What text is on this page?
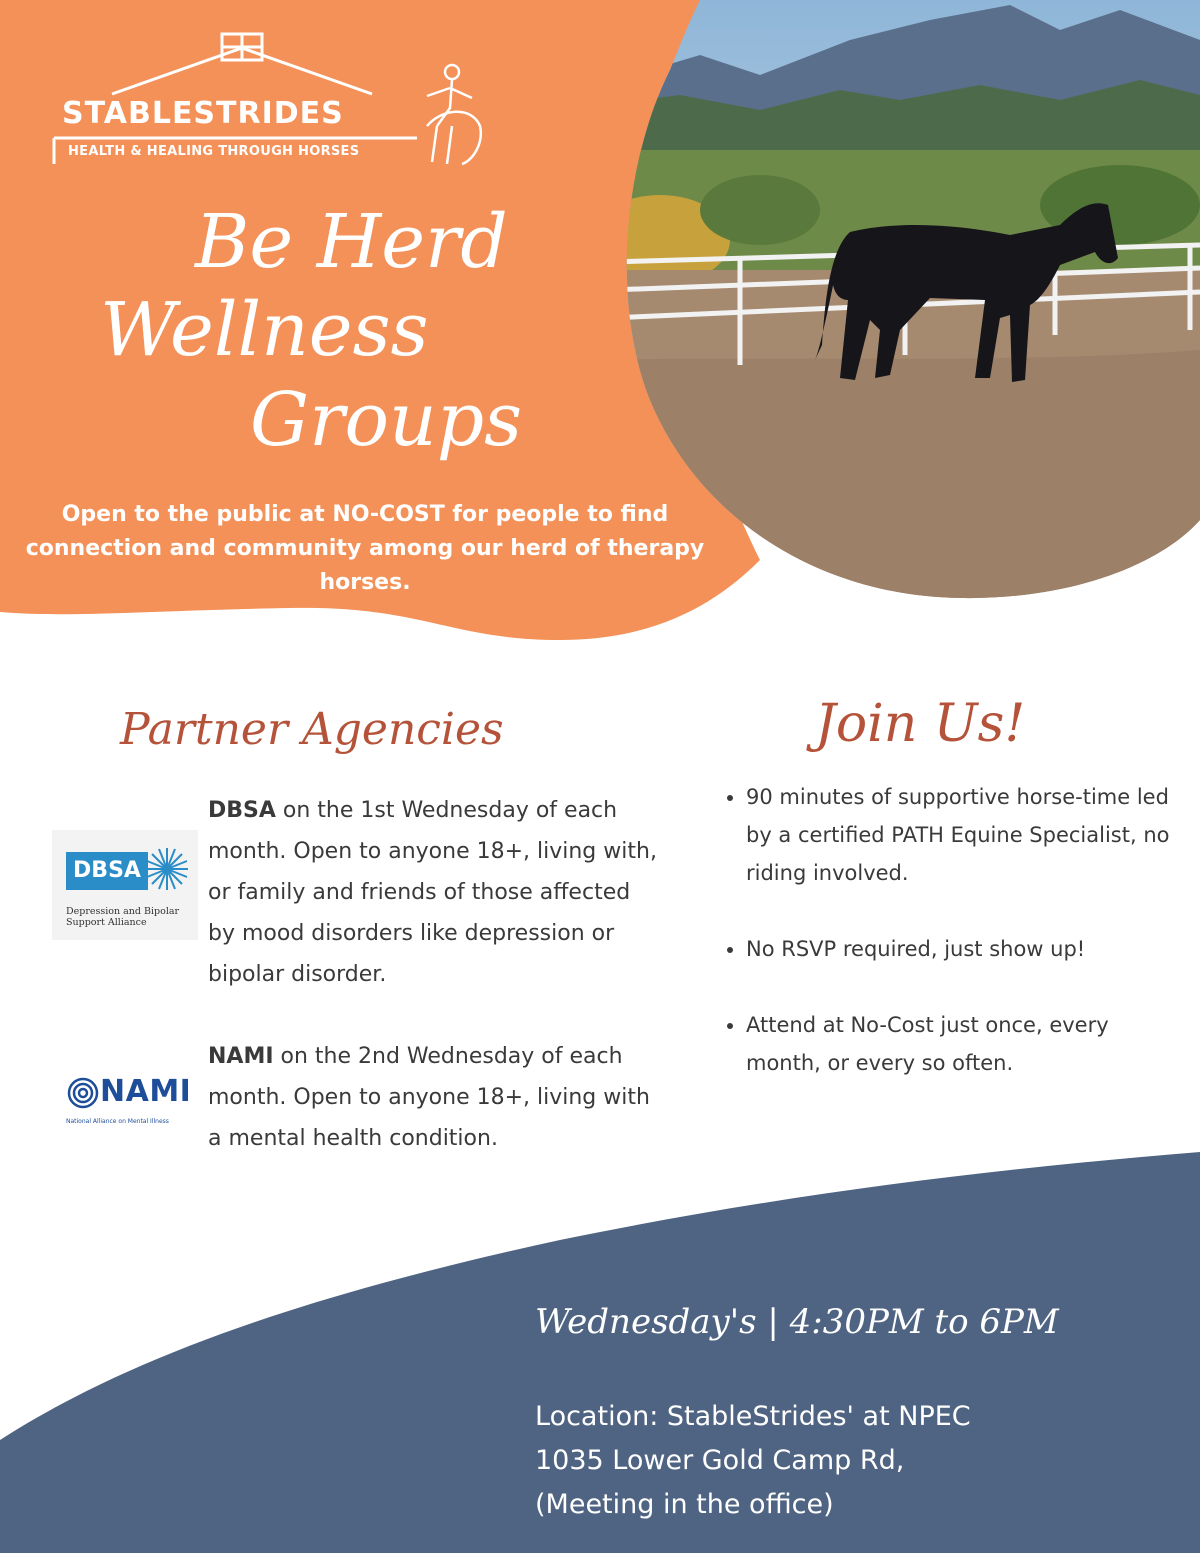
STABLESTRIDES
HEALTH & HEALING THROUGH HORSES
Be Herd
Wellness
Groups
Open to the public at NO-COST for people to find connection and community among our herd of therapy horses.
Partner Agencies	Join Us!
DBSA
Depression and Bipolar
Support Alliance
DBSA on the 1st Wednesday of each month. Open to anyone 18+, living with, or family and friends of those affected by mood disorders like depression or bipolar disorder.
NAMI
National Alliance on Mental Illness
NAMI on the 2nd Wednesday of each month. Open to anyone 18+, living with a mental health condition.
• 90 minutes of supportive horse-time led by a certified PATH Equine Specialist, no riding involved.
• No RSVP required, just show up!
• Attend at No-Cost just once, every month, or every so often.
Wednesday's | 4:30PM to 6PM
Location: StableStrides' at NPEC
1035 Lower Gold Camp Rd,
(Meeting in the office)
